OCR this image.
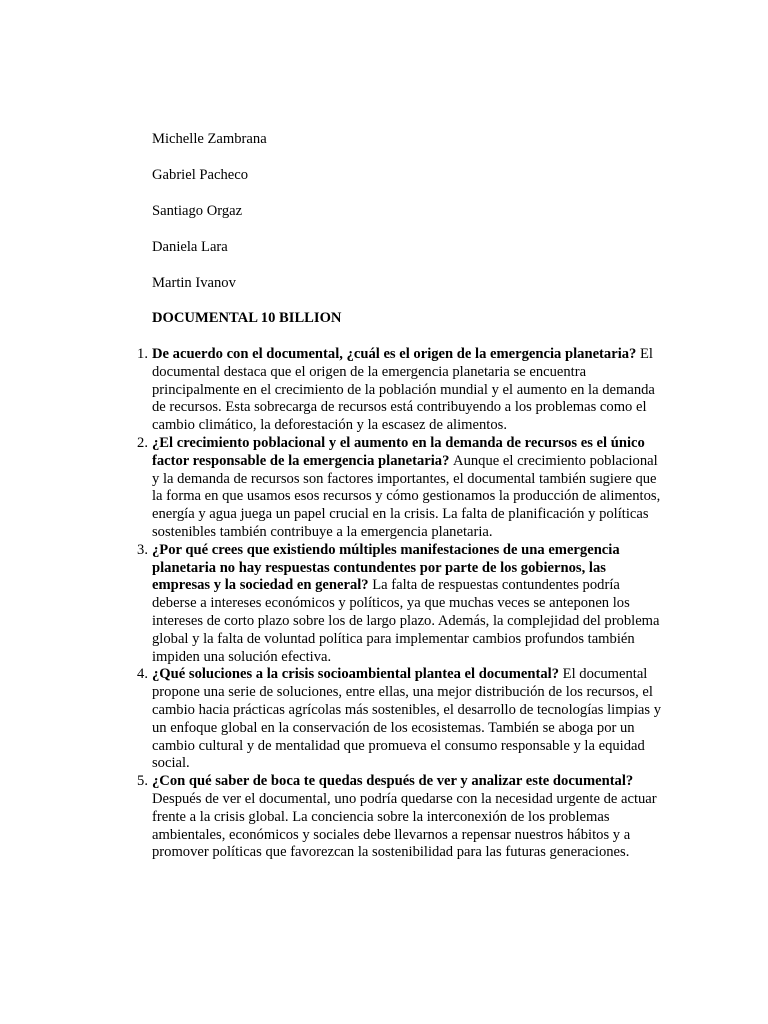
Michelle Zambrana

Gabriel Pacheco

Santiago Orgaz

Daniela Lara

Martin Ivanov

DOCUMENTAL 10 BILLION
1. De acuerdo con el documental, ¿cuál es el origen de la emergencia planetaria? El documental destaca que el origen de la emergencia planetaria se encuentra principalmente en el crecimiento de la población mundial y el aumento en la demanda de recursos. Esta sobrecarga de recursos está contribuyendo a los problemas como el cambio climático, la deforestación y la escasez de alimentos.
2. ¿El crecimiento poblacional y el aumento en la demanda de recursos es el único factor responsable de la emergencia planetaria? Aunque el crecimiento poblacional y la demanda de recursos son factores importantes, el documental también sugiere que la forma en que usamos esos recursos y cómo gestionamos la producción de alimentos, energía y agua juega un papel crucial en la crisis. La falta de planificación y políticas sostenibles también contribuye a la emergencia planetaria.
3. ¿Por qué crees que existiendo múltiples manifestaciones de una emergencia planetaria no hay respuestas contundentes por parte de los gobiernos, las empresas y la sociedad en general? La falta de respuestas contundentes podría deberse a intereses económicos y políticos, ya que muchas veces se anteponen los intereses de corto plazo sobre los de largo plazo. Además, la complejidad del problema global y la falta de voluntad política para implementar cambios profundos también impiden una solución efectiva.
4. ¿Qué soluciones a la crisis socioambiental plantea el documental? El documental propone una serie de soluciones, entre ellas, una mejor distribución de los recursos, el cambio hacia prácticas agrícolas más sostenibles, el desarrollo de tecnologías limpias y un enfoque global en la conservación de los ecosistemas. También se aboga por un cambio cultural y de mentalidad que promueva el consumo responsable y la equidad social.
5. ¿Con qué saber de boca te quedas después de ver y analizar este documental? Después de ver el documental, uno podría quedarse con la necesidad urgente de actuar frente a la crisis global. La conciencia sobre la interconexión de los problemas ambientales, económicos y sociales debe llevarnos a repensar nuestros hábitos y a promover políticas que favorezcan la sostenibilidad para las futuras generaciones.
